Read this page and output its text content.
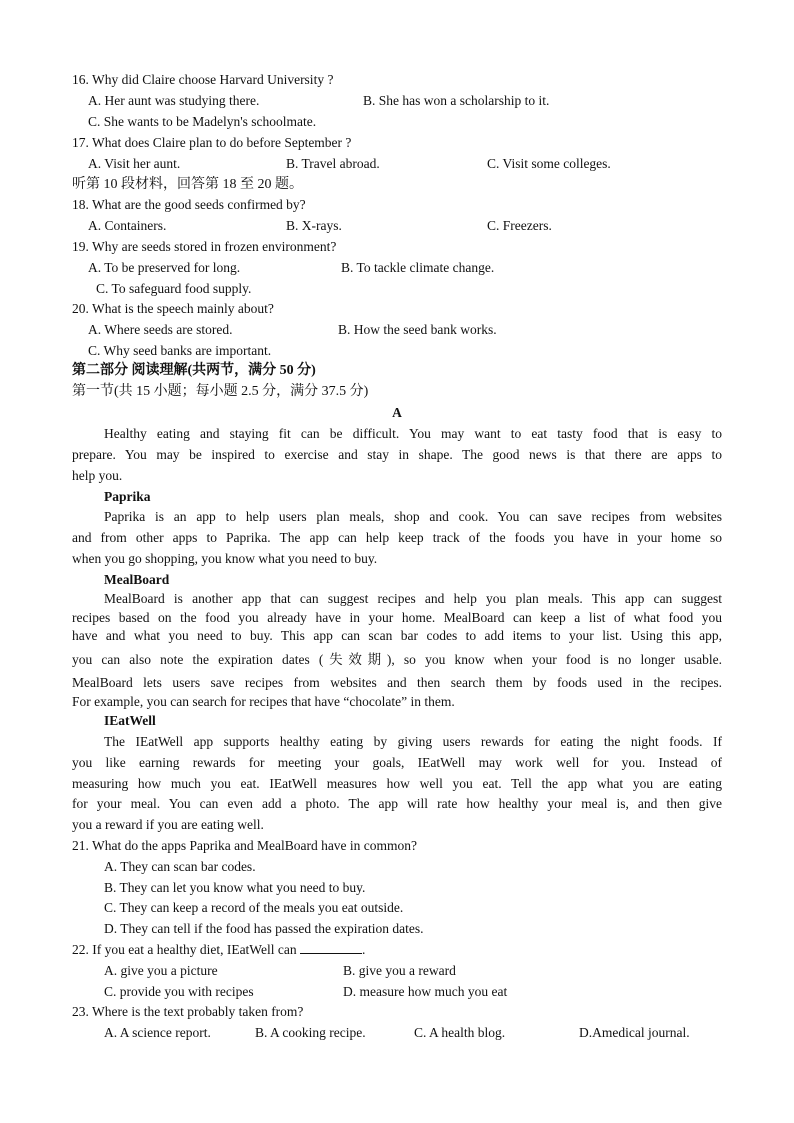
16. Why did Claire choose Harvard University ?
A. Her aunt was studying there.	B. She has won a scholarship to it.
C. She wants to be Madelyn's schoolmate.
17. What does Claire plan to do before September ?
A. Visit her aunt.	B. Travel abroad.	C. Visit some colleges.
听第 10 段材料，回答第 18 至 20 题。
18. What are the good seeds confirmed by?
A. Containers.	B. X-rays.	C. Freezers.
19. Why are seeds stored in frozen environment?
A. To be preserved for long.	B. To tackle climate change.
C. To safeguard food supply.
20. What is the speech mainly about?
A. Where seeds are stored.	B. How the seed bank works.
C. Why seed banks are important.
第二部分 阅读理解(共两节，满分 50 分)
第一节(共 15 小题；每小题 2.5 分，满分 37.5 分)
A
Healthy eating and staying fit can be difficult. You may want to eat tasty food that is easy to
prepare. You may be inspired to exercise and stay in shape. The good news is that there are apps to
help you.
Paprika
Paprika is an app to help users plan meals, shop and cook. You can save recipes from websites
and from other apps to Paprika. The app can help keep track of the foods you have in your home so
when you go shopping, you know what you need to buy.
MealBoard
MealBoard is another app that can suggest recipes and help you plan meals. This app can suggest
recipes based on the food you already have in your home. MealBoard can keep a list of what food you
have and what you need to buy. This app can scan bar codes to add items to your list. Using this app,
you can also note the expiration dates (失效期), so you know when your food is no longer usable.
MealBoard lets users save recipes from websites and then search them by foods used in the recipes.
For example, you can search for recipes that have “chocolate” in them.
IEatWell
The IEatWell app supports healthy eating by giving users rewards for eating the night foods. If
you like earning rewards for meeting your goals, IEatWell may work well for you. Instead of
measuring how much you eat. IEatWell measures how well you eat. Tell the app what you are eating
for your meal. You can even add a photo. The app will rate how healthy your meal is, and then give
you a reward if you are eating well.
21. What do the apps Paprika and MealBoard have in common?
A. They can scan bar codes.
B. They can let you know what you need to buy.
C. They can keep a record of the meals you eat outside.
D. They can tell if the food has passed the expiration dates.
22. If you eat a healthy diet, IEatWell can	.
A. give you a picture	B. give you a reward
C. provide you with recipes	D. measure how much you eat
23. Where is the text probably taken from?
A. A science report.	B. A cooking recipe.	C. A health blog.	D.Amedical journal.
